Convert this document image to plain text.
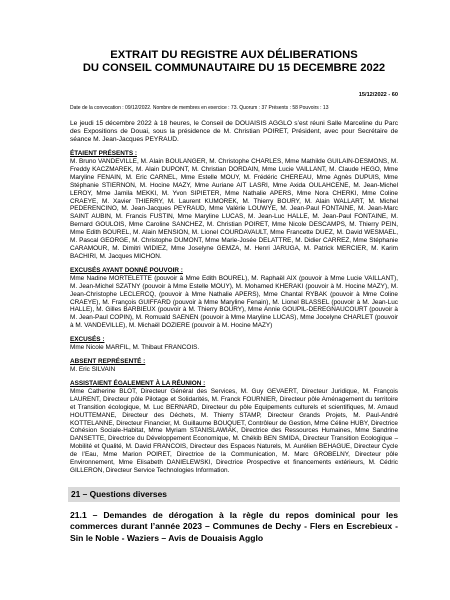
EXTRAIT DU REGISTRE AUX DÉLIBERATIONS
DU CONSEIL COMMUNAUTAIRE DU 15 DECEMBRE 2022
15/12/2022 - 60
Date de la convocation : 09/12/2022. Nombre de membres en exercice : 73. Quorum : 37 Présents : 58 Pouvoirs : 13
Le jeudi 15 décembre 2022 à 18 heures, le Conseil de DOUAISIS AGGLO s’est réuni Salle Marceline du Parc des Expositions de Douai, sous la présidence de M. Christian POIRET, Président, avec pour Secrétaire de séance M. Jean-Jacques PEYRAUD.
ÉTAIENT PRÉSENTS :
M. Bruno VANDEVILLE, M. Alain BOULANGER, M. Christophe CHARLES, Mme Mathilde GUILAIN-DESMONS, M. Freddy KACZMAREK, M. Alain DUPONT, M. Christian DORDAIN, Mme Lucie VAILLANT, M. Claude HEGO, Mme Maryline FENAIN, M. Eric CARNEL, Mme Estelle MOUY, M. Frédéric CHEREAU, Mme Agnès DUPUIS, Mme Stéphanie STIERNON, M. Hocine MAZY, Mme Auriane AIT LASRI, Mme Axida OULAHCENE, M. Jean-Michel LEROY, Mme Jamila MEKKI, M. Yvon SIPIETER, Mme Nathalie APERS, Mme Nora CHERKI, Mme Coline CRAEYE, M. Xavier THIERRY, M. Laurent KUMOREK, M. Thierry BOURY, M. Alain WALLART, M. Michel PEDERENCINO, M. Jean-Jacques PEYRAUD, Mme Valérie LOUWYE, M. Jean-Paul FONTAINE, M. Jean-Marc SAINT AUBIN, M. Francis FUSTIN, Mme Maryline LUCAS, M. Jean-Luc HALLE, M. Jean-Paul FONTAINE, M. Bernard GOULOIS, Mme Caroline SANCHEZ, M. Christian POIRET, Mme Nicole DESCAMPS, M. Thierry PEIN, Mme Edith BOUREL, M. Alain MENSION, M. Lionel COURDAVAULT, Mme Francette DUEZ, M. David WESMAEL, M. Pascal GEORGE, M. Christophe DUMONT, Mme Marie-Josée DELATTRE, M. Didier CARREZ, Mme Stéphanie CARAMOUR, M. Dimitri WIDIEZ, Mme Joselyne GEMZA, M. Henri JARUGA, M. Patrick MERCIER, M. Karim BACHIRI, M. Jacques MICHON.
EXCUSÉS AYANT DONNÉ POUVOIR :
Mme Nadine MORTELETTE (pouvoir à Mme Edith BOUREL), M. Raphaël AIX (pouvoir à Mme Lucie VAILLANT), M. Jean-Michel SZATNY (pouvoir à Mme Estelle MOUY), M. Mohamed KHERAKI (pouvoir à M. Hocine MAZY), M. Jean-Christophe LECLERCQ, (pouvoir à Mme Nathalie APERS), Mme Chantal RYBAK (pouvoir à Mme Coline CRAEYE), M. François GUIFFARD (pouvoir à Mme Maryline Fenain), M. Lionel BLASSEL (pouvoir à M. Jean-Luc HALLE), M. Gilles BARBIEUX (pouvoir à M. Thierry BOURY), Mme Annie GOUPIL-DEREGNAUCOURT (pouvoir à M. Jean-Paul COPIN), M. Romuald SAENEN (pouvoir à Mme Maryline LUCAS), Mme Jocelyne CHARLET (pouvoir à M. VANDEVILLE), M. Michaël DOZIERE (pouvoir à M. Hocine MAZY)
EXCUSÉS :
Mme Nicole MARFIL, M. Thibaut FRANCOIS.
ABSENT REPRÉSENTÉ :
M. Eric SILVAIN
ASSISTAIENT ÉGALEMENT À LA RÉUNION :
Mme Catherine BLOT, Directeur Général des Services, M. Guy GEVAERT, Directeur Juridique, M. François LAURENT, Directeur pôle Pilotage et Solidarités, M. Franck FOURNIER, Directeur pôle Aménagement du territoire et Transition écologique, M. Luc BERNARD, Directeur du pôle Equipements culturels et scientifiques, M. Arnaud HOUTTEMANE, Directeur des Déchets, M. Thierry STAMP, Directeur Grands Projets, M. Paul-André KOTTELANNE, Directeur Financier, M. Guillaume BOUQUET, Contrôleur de Gestion, Mme Céline HUBY, Directrice Cohésion Sociale-Habitat, Mme Myriam STANISLAWIAK, Directrice des Ressources Humaines, Mme Sandrine DANSETTE, Directrice du Développement Economique, M. Chékib BEN SMIDA, Directeur Transition Ecologique – Mobilité et Qualité, M. David FRANCOIS, Directeur des Espaces Naturels, M. Aurélien BEHAGUE, Directeur Cycle de l’Eau, Mme Marion POIRET, Directrice de la Communication, M. Marc GROBELNY, Directeur pôle Environnement, Mme Elisabeth DANIELEWSKI, Directrice Prospective et financements extérieurs, M. Cédric GILLERON, Directeur Service Technologies Information.
21 – Questions diverses
21.1 – Demandes de dérogation à la règle du repos dominical pour les commerces durant l’année 2023 – Communes de Dechy - Flers en Escrebieux - Sin le Noble - Waziers – Avis de Douaisis Agglo
